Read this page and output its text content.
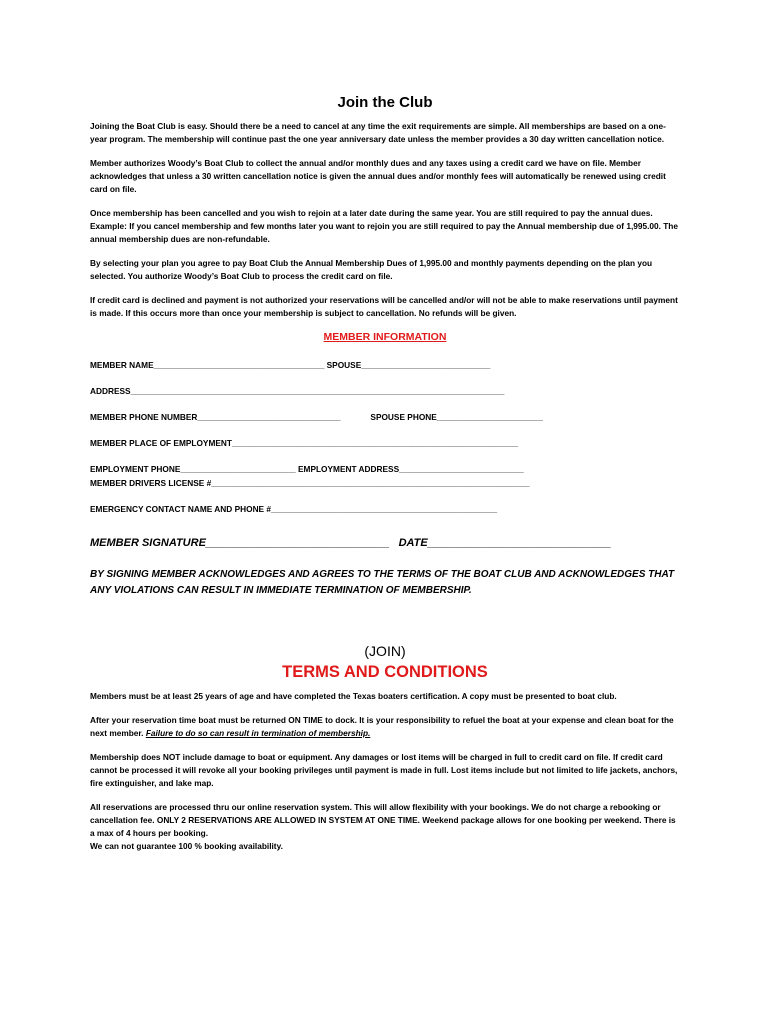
Join the Club

Joining the Boat Club is easy. Should there be a need to cancel at any time the exit requirements are simple. All memberships are based on a one-year program. The membership will continue past the one year anniversary date unless the member provides a 30 day written cancellation notice.

Member authorizes Woody’s Boat Club to collect the annual and/or monthly dues and any taxes using a credit card we have on file. Member acknowledges that unless a 30 written cancellation notice is given the annual dues and/or monthly fees will automatically be renewed using credit card on file.

Once membership has been cancelled and you wish to rejoin at a later date during the same year. You are still required to pay the annual dues. Example: If you cancel membership and few months later you want to rejoin you are still required to pay the Annual membership due of 1,995.00. The annual membership dues are non-refundable.

By selecting your plan you agree to pay Boat Club the Annual Membership Dues of 1,995.00 and monthly payments depending on the plan you selected. You authorize Woody’s Boat Club to process the credit card on file.

If credit card is declined and payment is not authorized your reservations will be cancelled and/or will not be able to make reservations until payment is made. If this occurs more than once your membership is subject to cancellation. No refunds will be given.

MEMBER INFORMATION
MEMBER NAME_____________________________________ SPOUSE____________________________
ADDRESS_________________________________________________________________________________
MEMBER PHONE NUMBER_______________________________             SPOUSE PHONE_______________________
MEMBER PLACE OF EMPLOYMENT______________________________________________________________
EMPLOYMENT PHONE_________________________ EMPLOYMENT ADDRESS___________________________
MEMBER DRIVERS LICENSE #_____________________________________________________________________
EMERGENCY CONTACT NAME AND PHONE #_________________________________________________
MEMBER SIGNATURE______________________________   DATE______________________________

BY SIGNING MEMBER ACKNOWLEDGES AND AGREES TO THE TERMS OF THE BOAT CLUB AND ACKNOWLEDGES THAT ANY VIOLATIONS CAN RESULT IN IMMEDIATE TERMINATION OF MEMBERSHIP.

(JOIN)
TERMS AND CONDITIONS

Members must be at least 25 years of age and have completed the Texas boaters certification. A copy must be presented to boat club.

After your reservation time boat must be returned ON TIME to dock. It is your responsibility to refuel the boat at your expense and clean boat for the next member. Failure to do so can result in termination of membership.

Membership does NOT include damage to boat or equipment. Any damages or lost items will be charged in full to credit card on file. If credit card cannot be processed it will revoke all your booking privileges until payment is made in full. Lost items include but not limited to life jackets, anchors, fire extinguisher, and lake map.

All reservations are processed thru our online reservation system. This will allow flexibility with your bookings. We do not charge a rebooking or cancellation fee. ONLY 2 RESERVATIONS ARE ALLOWED IN SYSTEM AT ONE TIME. Weekend package allows for one booking per weekend. There is a max of 4 hours per booking.

We can not guarantee 100 % booking availability.
